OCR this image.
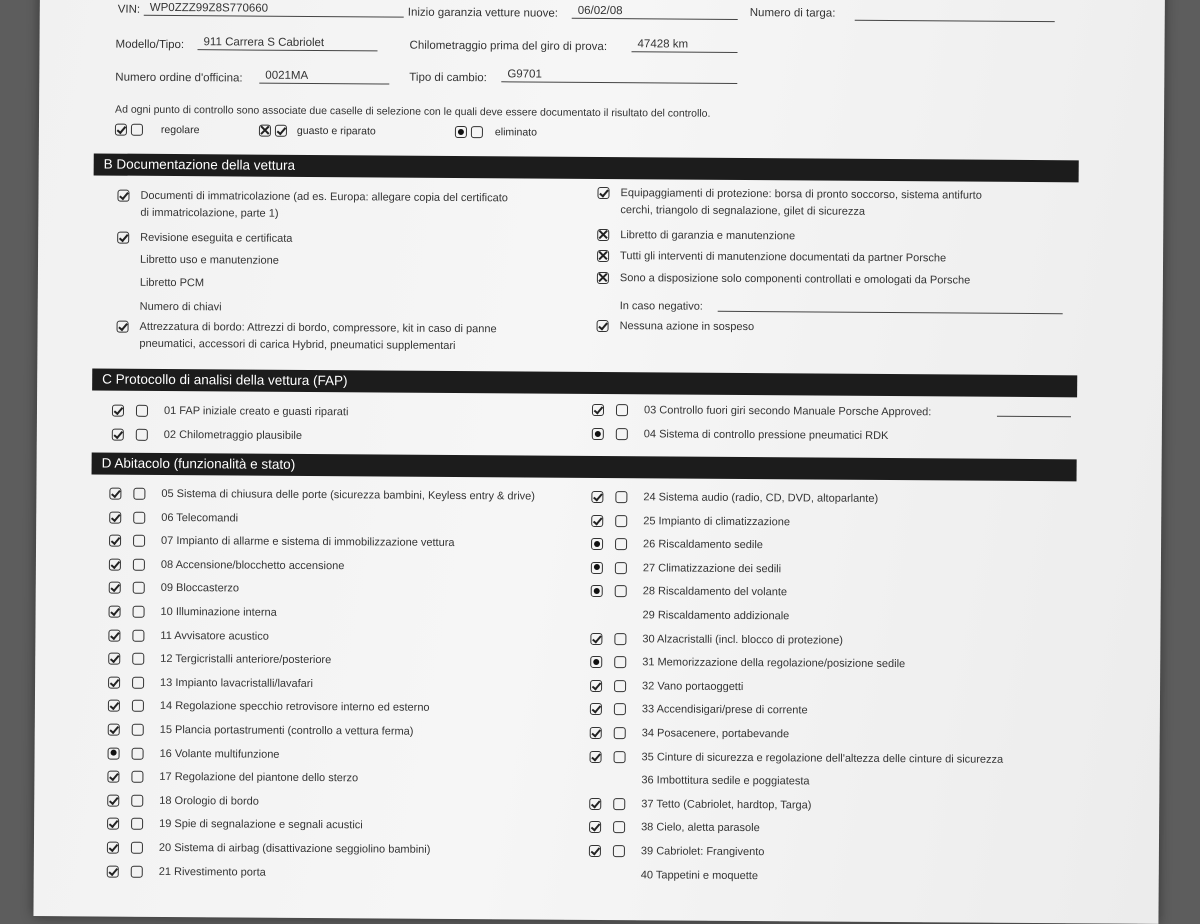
VIN: WP0ZZZ99Z8S770660	Inizio garanzia vetture nuove:	06/02/08	Numero di targa:
Modello/Tipo:	911 Carrera S Cabriolet	Chilometraggio prima del giro di prova:	47428 km
Numero ordine d'officina:	0021MA	Tipo di cambio:	G9701
Ad ogni punto di controllo sono associate due caselle di selezione con le quali deve essere documentato il risultato del controllo.
regolare	guasto e riparato	eliminato
B Documentazione della vettura
Documenti di immatricolazione (ad es. Europa: allegare copia del certificato
di immatricolazione, parte 1)
Revisione eseguita e certificata
Libretto uso e manutenzione
Libretto PCM
Numero di chiavi
Attrezzatura di bordo: Attrezzi di bordo, compressore, kit in caso di panne
pneumatici, accessori di carica Hybrid, pneumatici supplementari
Equipaggiamenti di protezione: borsa di pronto soccorso, sistema antifurto
cerchi, triangolo di segnalazione, gilet di sicurezza
Libretto di garanzia e manutenzione
Tutti gli interventi di manutenzione documentati da partner Porsche
Sono a disposizione solo componenti controllati e omologati da Porsche
In caso negativo:
Nessuna azione in sospeso
C Protocollo di analisi della vettura (FAP)
01 FAP iniziale creato e guasti riparati
02 Chilometraggio plausibile
03 Controllo fuori giri secondo Manuale Porsche Approved:
04 Sistema di controllo pressione pneumatici RDK
D Abitacolo (funzionalità e stato)
05 Sistema di chiusura delle porte (sicurezza bambini, Keyless entry & drive)
06 Telecomandi
07 Impianto di allarme e sistema di immobilizzazione vettura
08 Accensione/blocchetto accensione
09 Bloccasterzo
10 Illuminazione interna
11 Avvisatore acustico
12 Tergicristalli anteriore/posteriore
13 Impianto lavacristalli/lavafari
14 Regolazione specchio retrovisore interno ed esterno
15 Plancia portastrumenti (controllo a vettura ferma)
16 Volante multifunzione
17 Regolazione del piantone dello sterzo
18 Orologio di bordo
19 Spie di segnalazione e segnali acustici
20 Sistema di airbag (disattivazione seggiolino bambini)
21 Rivestimento porta
24 Sistema audio (radio, CD, DVD, altoparlante)
25 Impianto di climatizzazione
26 Riscaldamento sedile
27 Climatizzazione dei sedili
28 Riscaldamento del volante
29 Riscaldamento addizionale
30 Alzacristalli (incl. blocco di protezione)
31 Memorizzazione della regolazione/posizione sedile
32 Vano portaoggetti
33 Accendisigari/prese di corrente
34 Posacenere, portabevande
35 Cinture di sicurezza e regolazione dell'altezza delle cinture di sicurezza
36 Imbottitura sedile e poggiatesta
37 Tetto (Cabriolet, hardtop, Targa)
38 Cielo, aletta parasole
39 Cabriolet: Frangivento
40 Tappetini e moquette
